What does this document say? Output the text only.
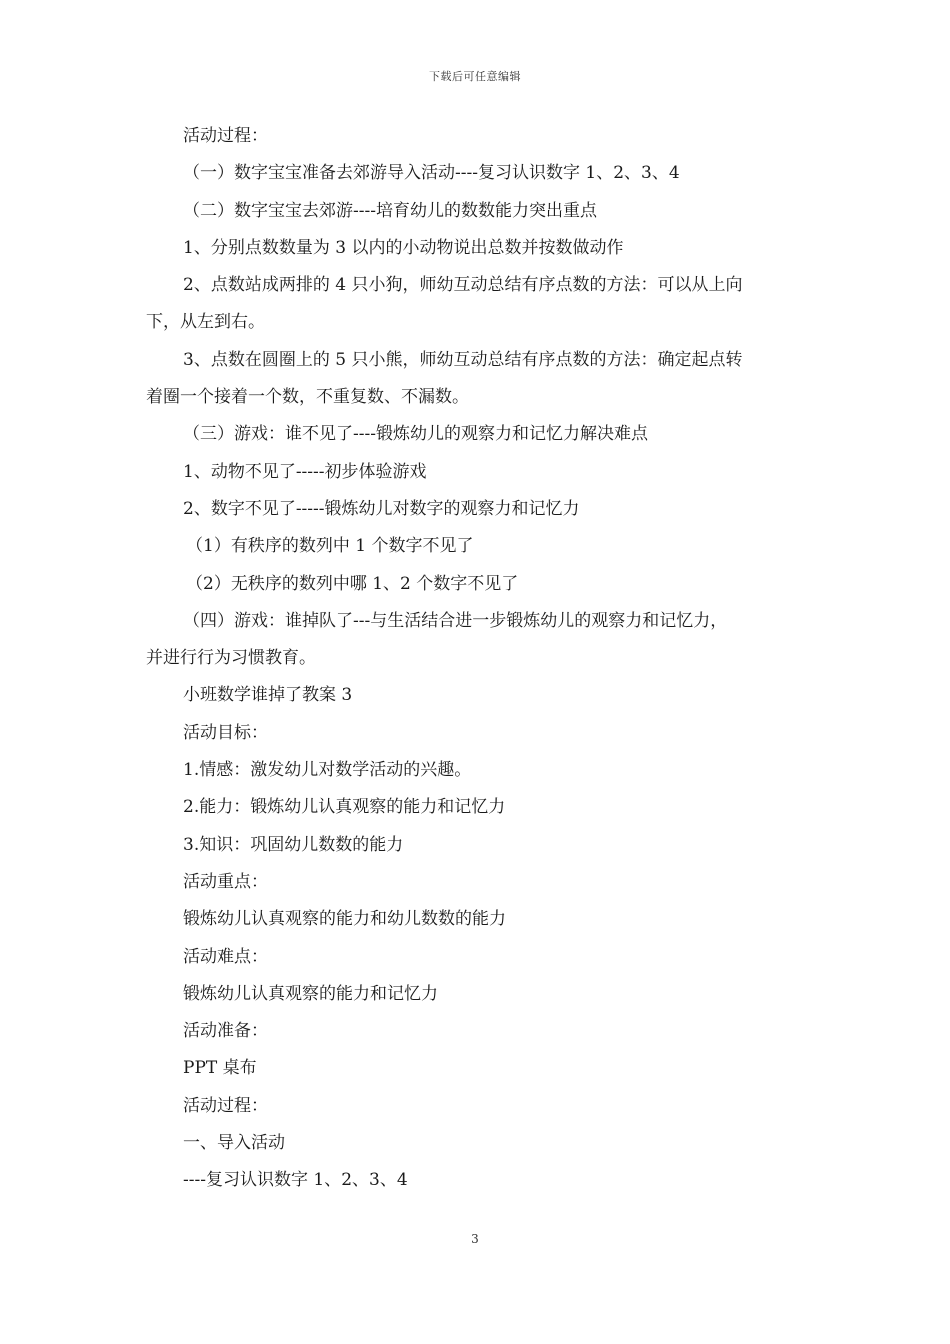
下载后可任意编辑
活动过程：
（一）数字宝宝准备去郊游导入活动----复习认识数字 1、2、3、4
（二）数字宝宝去郊游----培育幼儿的数数能力突出重点
1、分别点数数量为 3 以内的小动物说出总数并按数做动作
2、点数站成两排的 4 只小狗，师幼互动总结有序点数的方法：可以从上向
下，从左到右。
3、点数在圆圈上的 5 只小熊，师幼互动总结有序点数的方法：确定起点转
着圈一个接着一个数，不重复数、不漏数。
（三）游戏：谁不见了----锻炼幼儿的观察力和记忆力解决难点
1、动物不见了-----初步体验游戏
2、数字不见了-----锻炼幼儿对数字的观察力和记忆力
（1）有秩序的数列中 1 个数字不见了
（2）无秩序的数列中哪 1、2 个数字不见了
（四）游戏：谁掉队了---与生活结合进一步锻炼幼儿的观察力和记忆力，
并进行行为习惯教育。
小班数学谁掉了教案 3
活动目标：
1.情感：激发幼儿对数学活动的兴趣。
2.能力：锻炼幼儿认真观察的能力和记忆力
3.知识：巩固幼儿数数的能力
活动重点：
锻炼幼儿认真观察的能力和幼儿数数的能力
活动难点：
锻炼幼儿认真观察的能力和记忆力
活动准备：
PPT 桌布
活动过程：
一、导入活动
----复习认识数字 1、2、3、4
3
